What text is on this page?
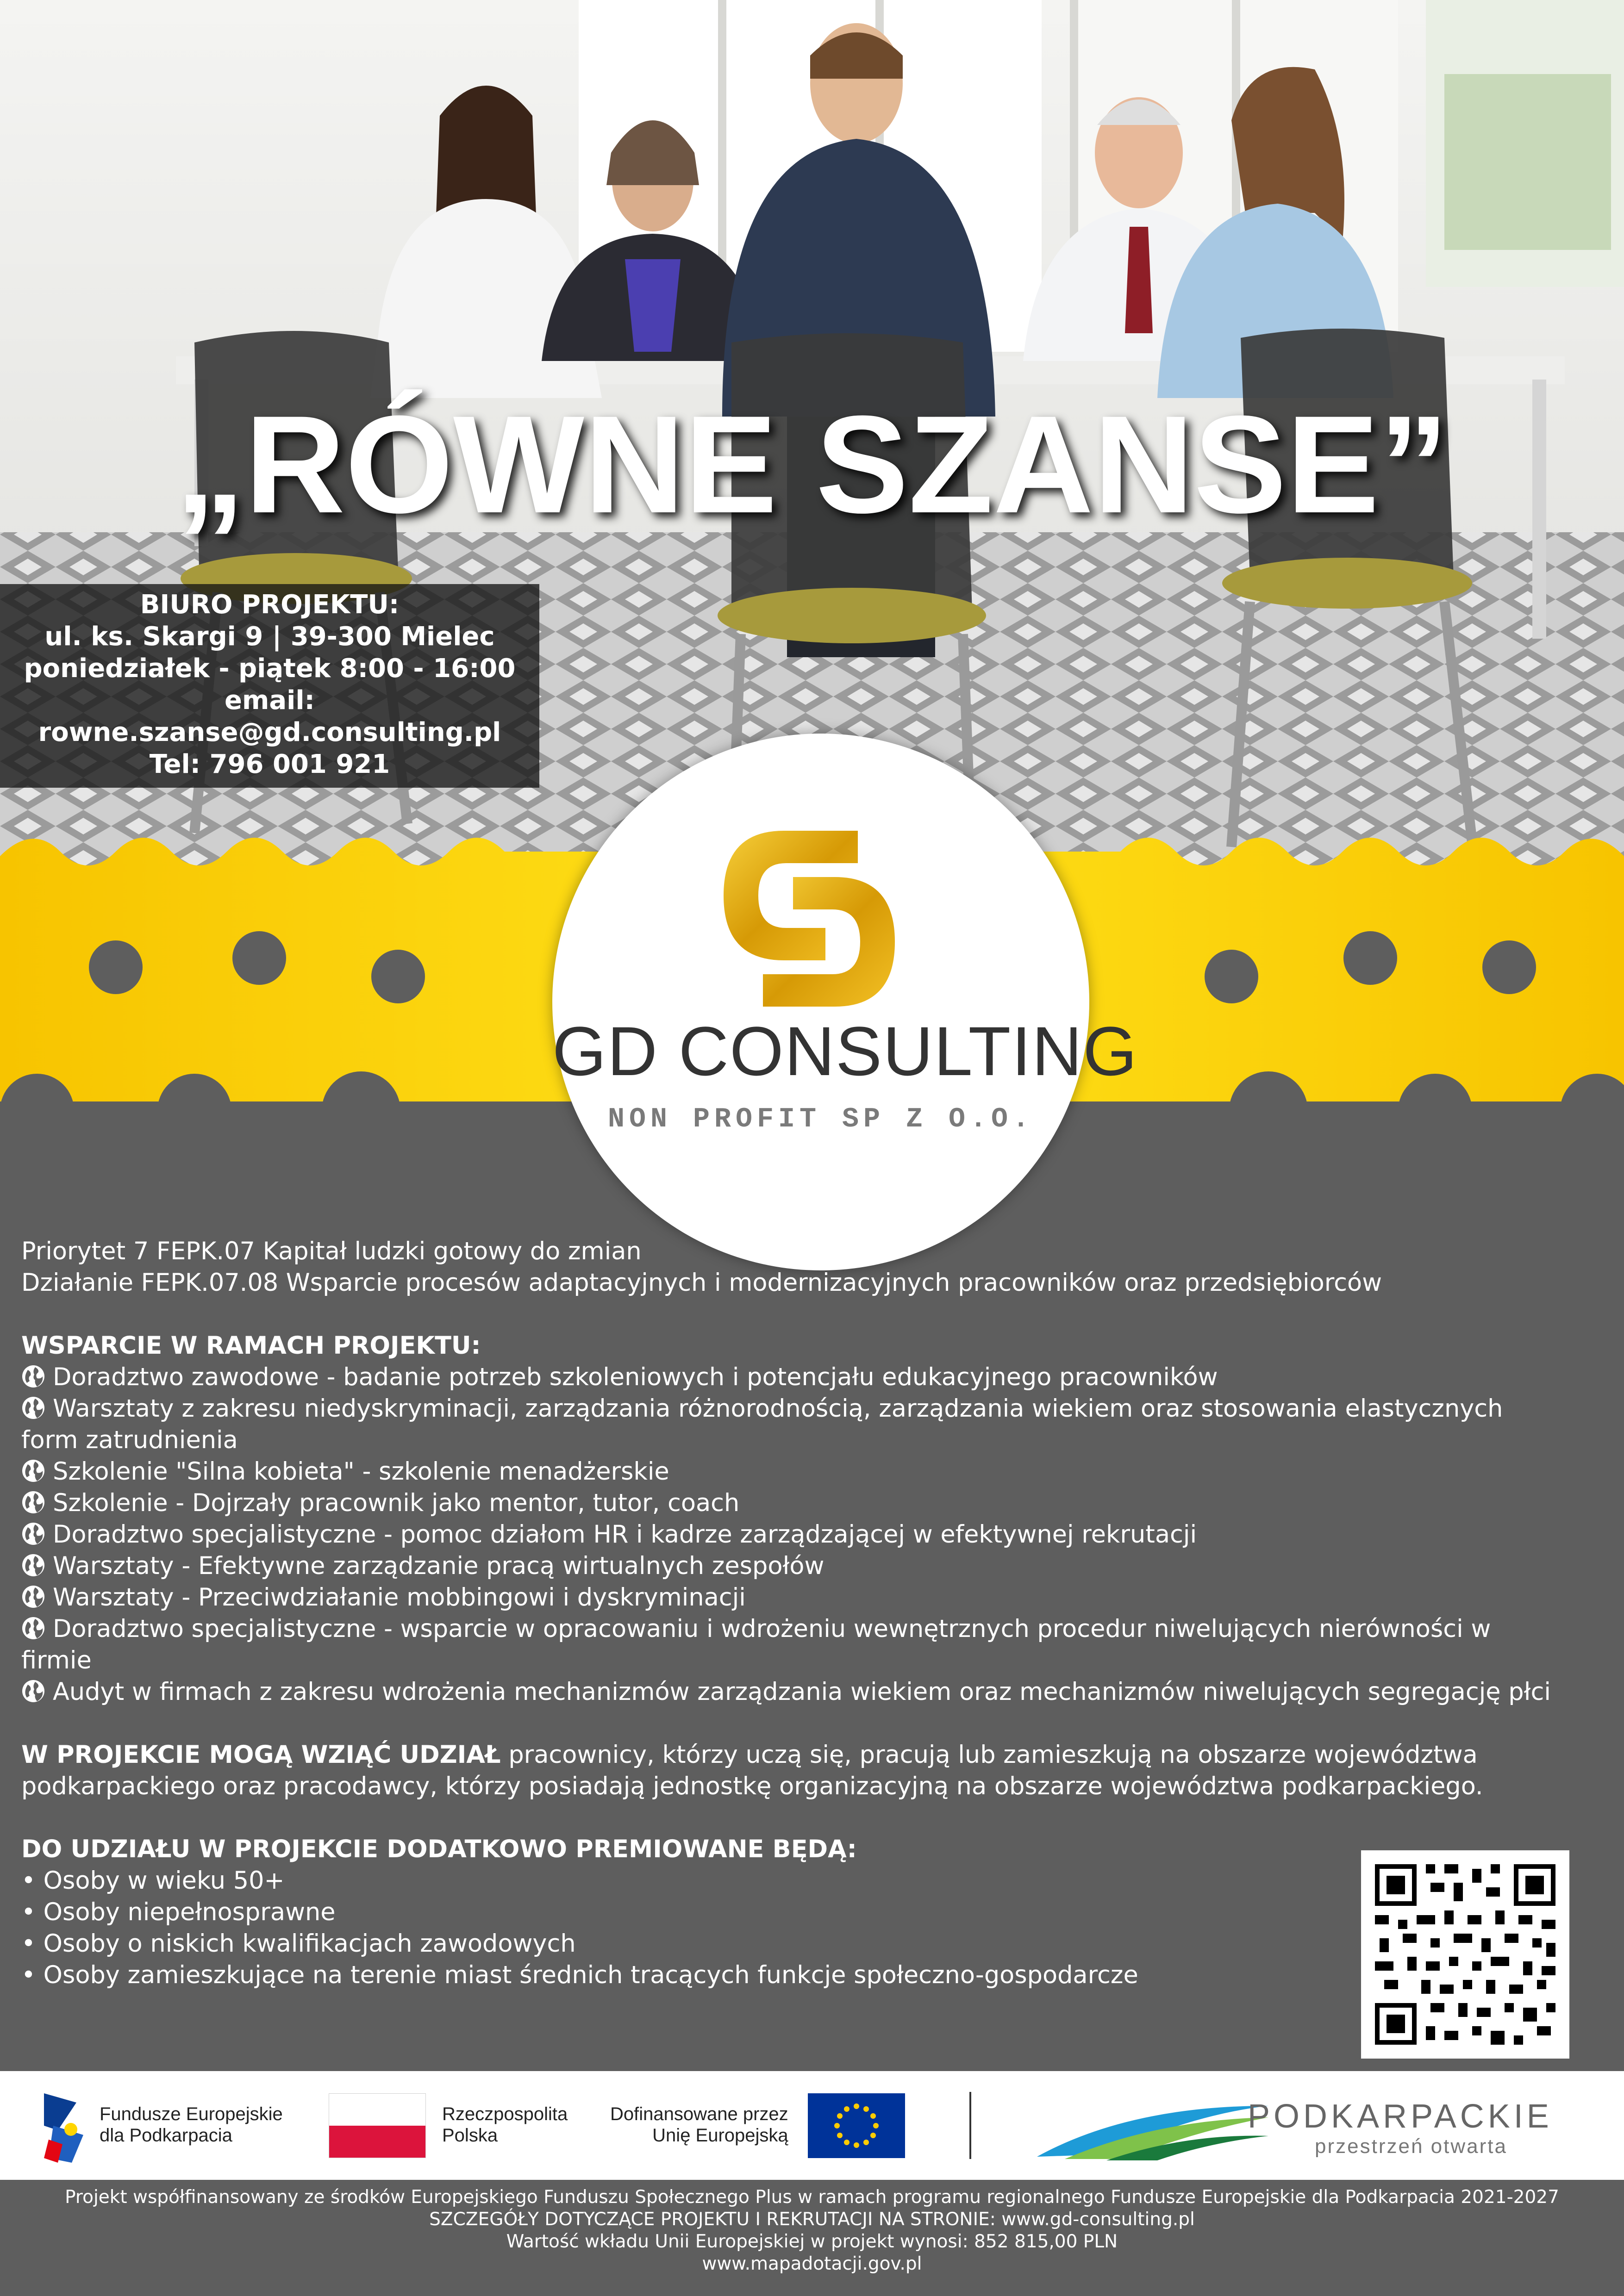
„RÓWNE SZANSE”
BIURO PROJEKTU:
ul. ks. Skargi 9 | 39-300 Mielec
poniedziałek - piątek 8:00 - 16:00
email:
rowne.szanse@gd.consulting.pl
Tel: 796 001 921
GD CONSULTING
NON PROFIT SP Z O.O.

Priorytet 7 FEPK.07 Kapitał ludzki gotowy do zmian

Działanie FEPK.07.08 Wsparcie procesów adaptacyjnych i modernizacyjnych pracowników oraz przedsiębiorców

WSPARCIE W RAMACH PROJEKTU:

Doradztwo zawodowe - badanie potrzeb szkoleniowych i potencjału edukacyjnego pracowników

Warsztaty z zakresu niedyskryminacji, zarządzania różnorodnością, zarządzania wiekiem oraz stosowania elastycznych form zatrudnienia

Szkolenie "Silna kobieta" - szkolenie menadżerskie

Szkolenie - Dojrzały pracownik jako mentor, tutor, coach

Doradztwo specjalistyczne - pomoc działom HR i kadrze zarządzającej w efektywnej rekrutacji

Warsztaty - Efektywne zarządzanie pracą wirtualnych zespołów

Warsztaty - Przeciwdziałanie mobbingowi i dyskryminacji

Doradztwo specjalistyczne - wsparcie w opracowaniu i wdrożeniu wewnętrznych procedur niwelujących nierówności w firmie

Audyt w firmach z zakresu wdrożenia mechanizmów zarządzania wiekiem oraz mechanizmów niwelujących segregację płci

W PROJEKCIE MOGĄ WZIĄĆ UDZIAŁ pracownicy, którzy uczą się, pracują lub zamieszkują na obszarze województwa podkarpackiego oraz pracodawcy, którzy posiadają jednostkę organizacyjną na obszarze województwa podkarpackiego.

DO UDZIAŁU W PROJEKCIE DODATKOWO PREMIOWANE BĘDĄ:

• Osoby w wieku 50+

• Osoby niepełnosprawne

• Osoby o niskich kwalifikacjach zawodowych

• Osoby zamieszkujące na terenie miast średnich tracących funkcje społeczno-gospodarcze

Fundusze Europejskie
dla Podkarpacia
Rzeczpospolita
Polska
Dofinansowane przez
Unię Europejską
PODKARPACKIE
przestrzeń otwarta
Projekt współfinansowany ze środków Europejskiego Funduszu Społecznego Plus w ramach programu regionalnego Fundusze Europejskie dla Podkarpacia 2021-2027
SZCZEGÓŁY DOTYCZĄCE PROJEKTU I REKRUTACJI NA STRONIE: www.gd-consulting.pl
Wartość wkładu Unii Europejskiej w projekt wynosi: 852 815,00 PLN
www.mapadotacji.gov.pl
